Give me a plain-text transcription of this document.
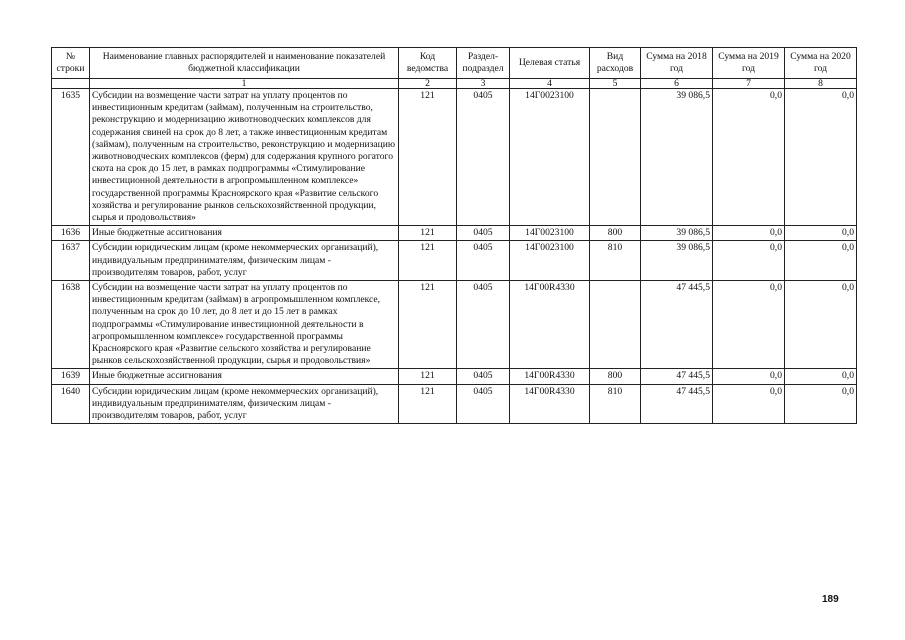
№ строки	Наименование главных распорядителей и наименование показателей бюджетной классификации	Код ведомства	Раздел-подраздел	Целевая статья	Вид расходов	Сумма на 2018 год	Сумма на 2019 год	Сумма на 2020 год
	1	2	3	4	5	6	7	8
1635	Субсидии на возмещение части затрат на уплату процентов по инвестиционным кредитам (займам), полученным на строительство, реконструкцию и модернизацию животноводческих комплексов для содержания свиней на срок до 8 лет, а также инвестиционным кредитам (займам), полученным на строительство, реконструкцию и модернизацию животноводческих комплексов (ферм) для содержания крупного рогатого скота на срок до 15 лет, в рамках подпрограммы «Стимулирование инвестиционной деятельности в агропромышленном комплексе» государственной программы Красноярского края «Развитие сельского хозяйства и регулирование рынков сельскохозяйственной продукции, сырья и продовольствия»	121	0405	14Г0023100		39 086,5	0,0	0,0
1636	Иные бюджетные ассигнования	121	0405	14Г0023100	800	39 086,5	0,0	0,0
1637	Субсидии юридическим лицам (кроме некоммерческих организаций), индивидуальным предпринимателям, физическим лицам - производителям товаров, работ, услуг	121	0405	14Г0023100	810	39 086,5	0,0	0,0
1638	Субсидии на возмещение части затрат на уплату процентов по инвестиционным кредитам (займам) в агропромышленном комплексе, полученным на срок до 10 лет, до 8 лет и до 15 лет в рамках подпрограммы «Стимулирование инвестиционной деятельности в агропромышленном комплексе» государственной программы Красноярского края «Развитие сельского хозяйства и регулирование рынков сельскохозяйственной продукции, сырья и продовольствия»	121	0405	14Г00R4330		47 445,5	0,0	0,0
1639	Иные бюджетные ассигнования	121	0405	14Г00R4330	800	47 445,5	0,0	0,0
1640	Субсидии юридическим лицам (кроме некоммерческих организаций), индивидуальным предпринимателям, физическим лицам - производителям товаров, работ, услуг	121	0405	14Г00R4330	810	47 445,5	0,0	0,0
189
